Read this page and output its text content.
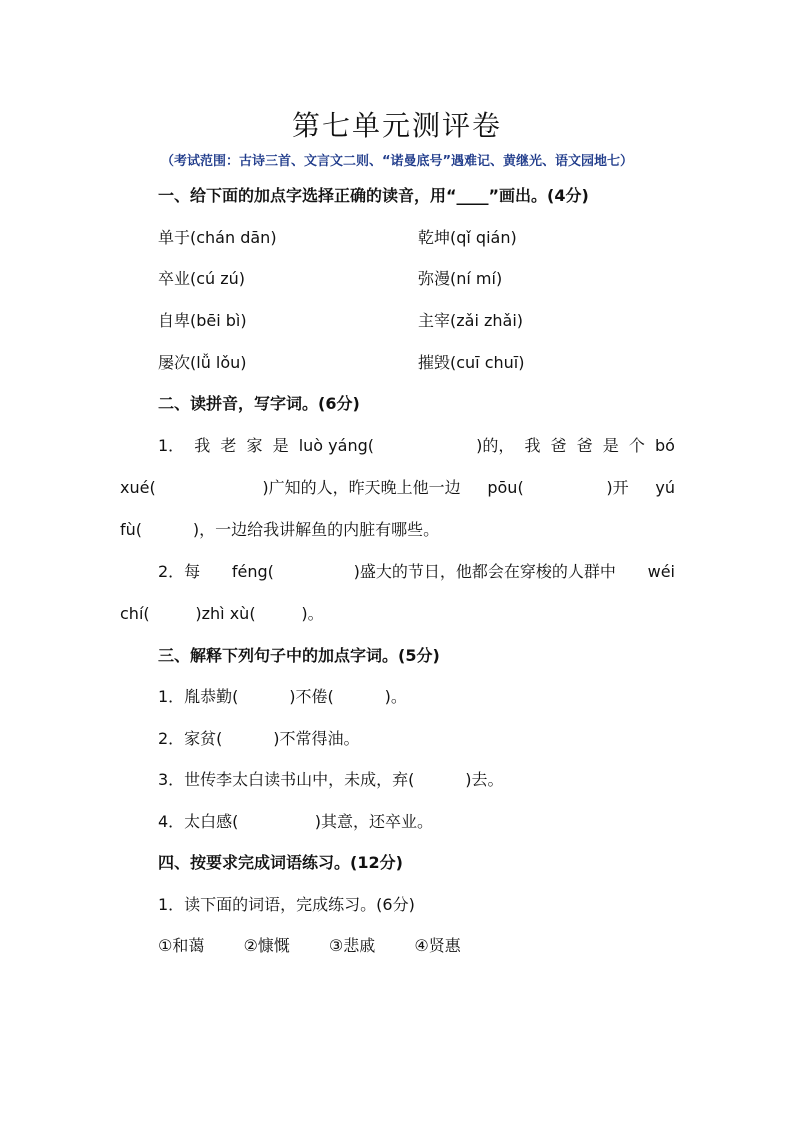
第七单元测评卷
（考试范围：古诗三首、文言文二则、“诺曼底号”遇难记、黄继光、语文园地七）
一、给下面的加点字选择正确的读音，用“____”画出。(4分)
单于(chán dān)	乾坤(qǐ qián)
卒业(cú zú)	弥漫(ní mí)
自卑(bēi bì)	主宰(zǎi zhǎi)
屡次(lǚ lǒu)	摧毁(cuī chuī)
二、读拼音，写字词。(6分)
1． 我 老 家 是 luò yáng(	)的， 我 爸 爸 是 个 bó
xué(	)广知的人，昨天晚上他一边 pōu(	)开 yú
fù(          )，一边给我讲解鱼的内脏有哪些。
2．每 féng(	)盛大的节日，他都会在穿梭的人群中 wéi
chí(         )zhì xù(         )。
三、解释下列句子中的加点字词。(5分)
1．胤恭勤(          )不倦(          )。
2．家贫(          )不常得油。
3．世传李太白读书山中，未成，弃(          )去。
4．太白感(               )其意，还卒业。
四、按要求完成词语练习。(12分)
1．读下面的词语，完成练习。(6分)
①和蔼 ②慷慨 ③悲戚 ④贤惠
